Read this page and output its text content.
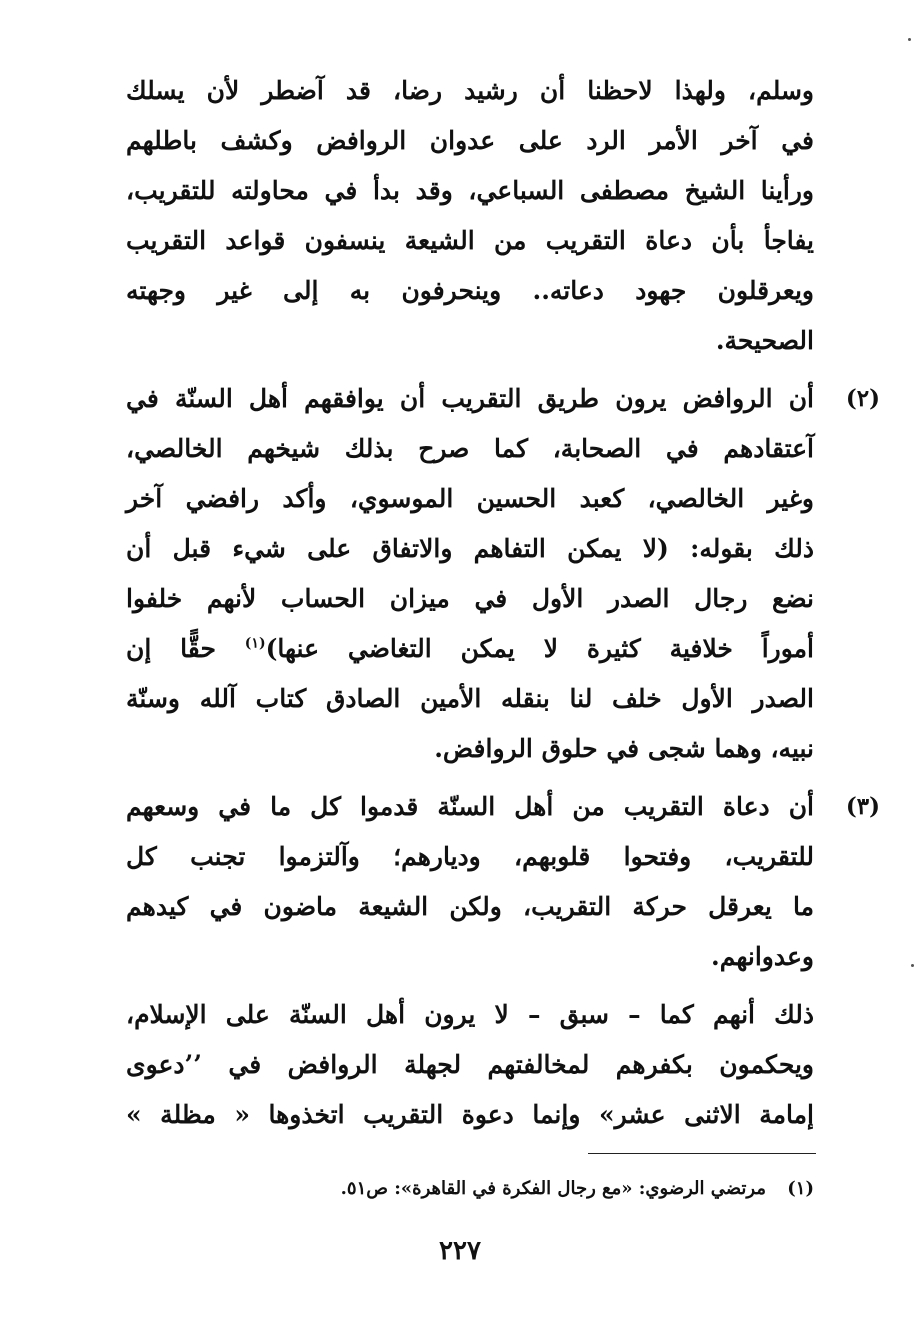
وسلم، ولهذا لاحظنا أن رشيد رضا، قد آضطر لأن يسلك
في آخر الأمر الرد على عدوان الروافض وكشف باطلهم
ورأينا الشيخ مصطفى السباعي، وقد بدأ في محاولته للتقريب،
يفاجأ بأن دعاة التقريب من الشيعة ينسفون قواعد التقريب
ويعرقلون جهود دعاته.. وينحرفون به إلى غير وجهته
الصحيحة.
(٢)
أن الروافض يرون طريق التقريب أن يوافقهم أهل السنّة في
آعتقادهم في الصحابة، كما صرح بذلك شيخهم الخالصي،
وغير الخالصي، كعبد الحسين الموسوي، وأكد رافضي آخر
ذلك بقوله: (لا يمكن التفاهم والاتفاق على شيء قبل أن
نضع رجال الصدر الأول في ميزان الحساب لأنهم خلفوا
أموراً خلافية كثيرة لا يمكن التغاضي عنها)$^{(١)}$ حقًّا إن
الصدر الأول خلف لنا بنقله الأمين الصادق كتاب آلله وسنّة
نبيه، وهما شجى في حلوق الروافض.
(٣)
أن دعاة التقريب من أهل السنّة قدموا كل ما في وسعهم
للتقريب، وفتحوا قلوبهم، وديارهم؛ وآلتزموا تجنب كل
ما يعرقل حركة التقريب، ولكن الشيعة ماضون في كيدهم
وعدوانهم.
ذلك أنهم كما – سبق – لا يرون أهل السنّة على الإسلام،
ويحكمون بكفرهم لمخالفتهم لجهلة الروافض في ’’دعوى
إمامة الاثنى عشر» وإنما دعوة التقريب اتخذوها « مظلة »
(١)مرتضي الرضوي: «مع رجال الفكرة في القاهرة»: ص٥١.
٢٢٧
